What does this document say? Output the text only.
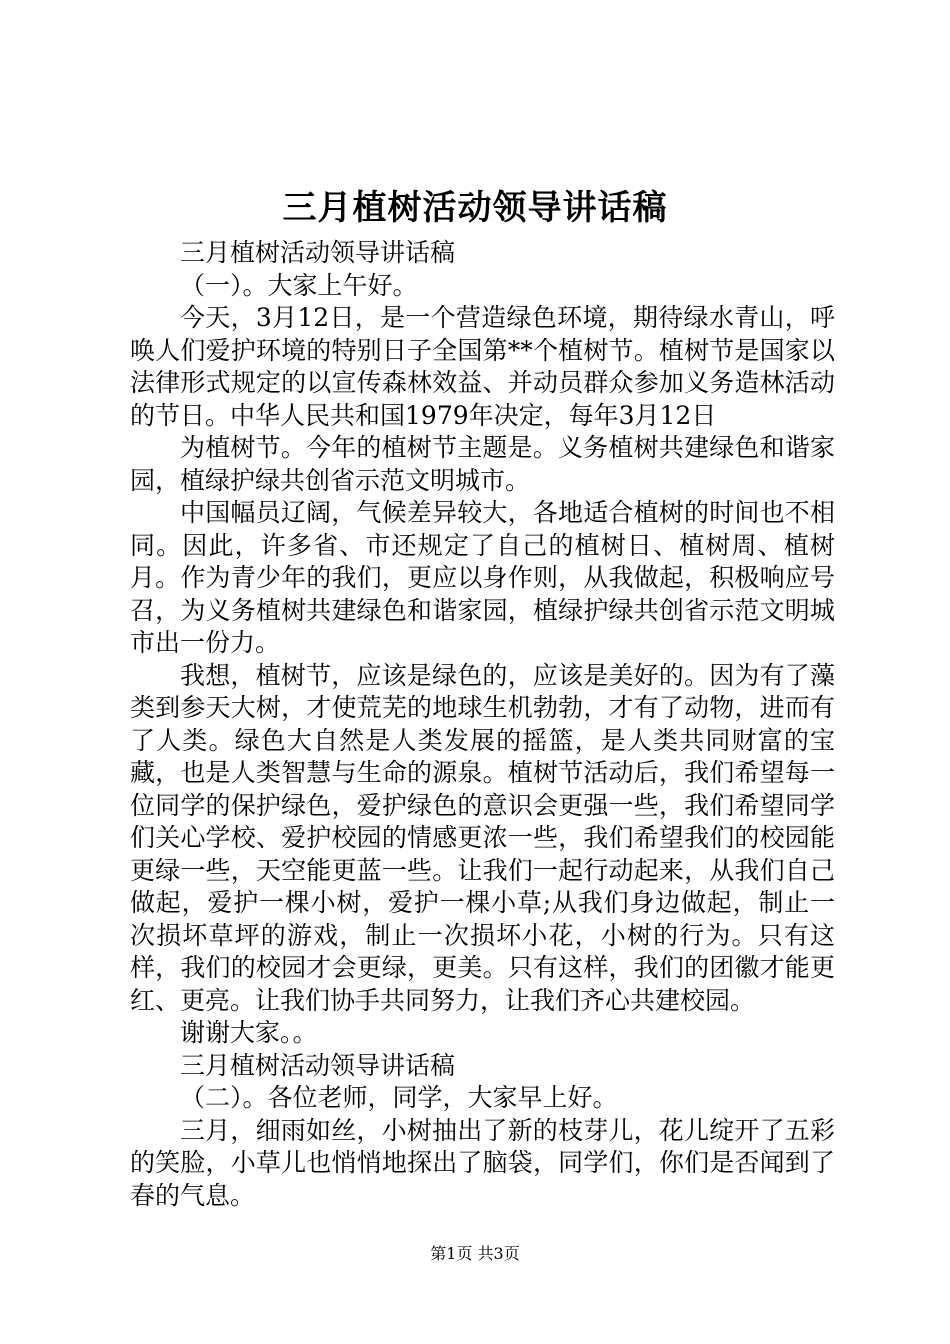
三月植树活动领导讲话稿

三月植树活动领导讲话稿

（一）。大家上午好。

今天，3月12日，是一个营造绿色环境，期待绿水青山，呼唤人们爱护环境的特别日子全国第**个植树节。植树节是国家以法律形式规定的以宣传森林效益、并动员群众参加义务造林活动的节日。中华人民共和国1979年决定，每年3月12日

为植树节。今年的植树节主题是。义务植树共建绿色和谐家园，植绿护绿共创省示范文明城市。

中国幅员辽阔，气候差异较大，各地适合植树的时间也不相同。因此，许多省、市还规定了自己的植树日、植树周、植树月。作为青少年的我们，更应以身作则，从我做起，积极响应号召，为义务植树共建绿色和谐家园，植绿护绿共创省示范文明城市出一份力。

我想，植树节，应该是绿色的，应该是美好的。因为有了藻类到参天大树，才使荒芜的地球生机勃勃，才有了动物，进而有了人类。绿色大自然是人类发展的摇篮，是人类共同财富的宝藏，也是人类智慧与生命的源泉。植树节活动后，我们希望每一位同学的保护绿色，爱护绿色的意识会更强一些，我们希望同学们关心学校、爱护校园的情感更浓一些，我们希望我们的校园能更绿一些，天空能更蓝一些。让我们一起行动起来，从我们自己做起，爱护一棵小树，爱护一棵小草;从我们身边做起，制止一次损坏草坪的游戏，制止一次损坏小花，小树的行为。只有这样，我们的校园才会更绿，更美。只有这样，我们的团徽才能更红、更亮。让我们协手共同努力，让我们齐心共建校园。

谢谢大家。。

三月植树活动领导讲话稿

（二）。各位老师，同学，大家早上好。

三月，细雨如丝，小树抽出了新的枝芽儿，花儿绽开了五彩的笑脸，小草儿也悄悄地探出了脑袋，同学们，你们是否闻到了春的气息。

第1页 共3页
